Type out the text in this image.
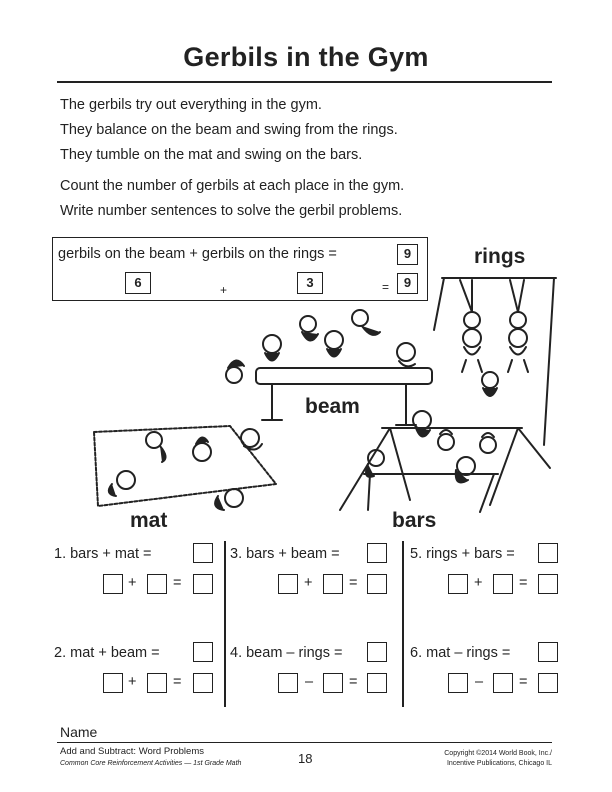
Gerbils in the Gym

The gerbils try out everything in the gym.

They balance on the beam and swing from the rings.

They tumble on the mat and swing on the bars.

Count the number of gerbils at each place in the gym.

Write number sentences to solve the gerbil problems.

gerbils on the beam + gerbils on the rings =	9
6	+	3	=	9
rings
beam
mat	bars
1. bars + mat =
+	=
3. bars + beam =
+	=
5. rings + bars =
+	=
2. mat + beam =
+	=
4. beam – rings =
– =
6. mat – rings =
– =
Name
Add and Subtract: Word Problems
Common Core Reinforcement Activities — 1st Grade Math	18	Copyright ©2014 World Book, Inc./
Incentive Publications, Chicago IL
